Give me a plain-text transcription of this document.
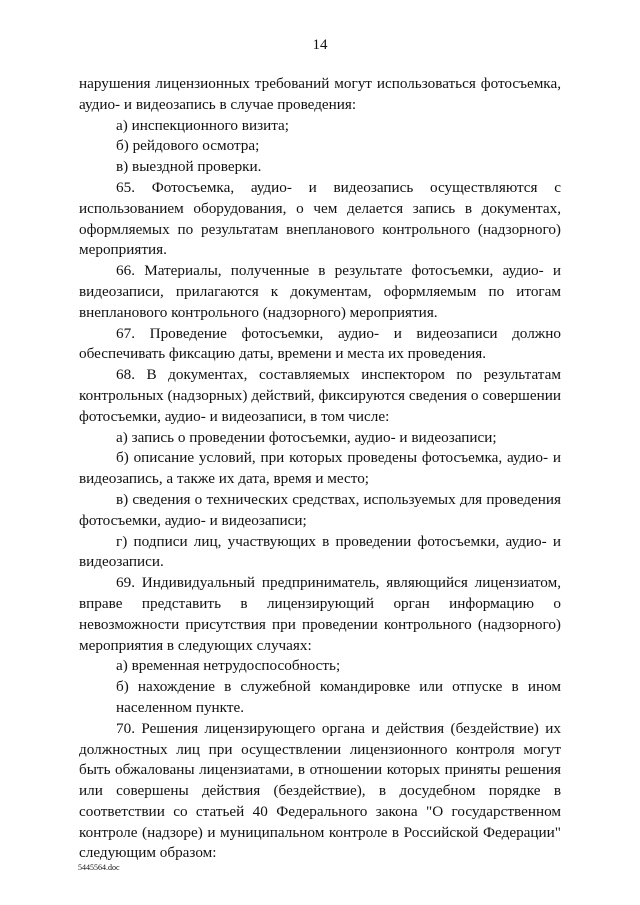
14

нарушения лицензионных требований могут использоваться фотосъемка, аудио- и видеозапись в случае проведения:

а) инспекционного визита;

б) рейдового осмотра;

в) выездной проверки.

65. Фотосъемка, аудио- и видеозапись осуществляются с использованием оборудования, о чем делается запись в документах, оформляемых по результатам внепланового контрольного (надзорного) мероприятия.

66. Материалы, полученные в результате фотосъемки, аудио- и видеозаписи, прилагаются к документам, оформляемым по итогам внепланового контрольного (надзорного) мероприятия.

67. Проведение фотосъемки, аудио- и видеозаписи должно обеспечивать фиксацию даты, времени и места их проведения.

68. В документах, составляемых инспектором по результатам контрольных (надзорных) действий, фиксируются сведения о совершении фотосъемки, аудио- и видеозаписи, в том числе:

а) запись о проведении фотосъемки, аудио- и видеозаписи;

б) описание условий, при которых проведены фотосъемка, аудио- и видеозапись, а также их дата, время и место;

в) сведения о технических средствах, используемых для проведения фотосъемки, аудио- и видеозаписи;

г) подписи лиц, участвующих в проведении фотосъемки, аудио- и видеозаписи.

69. Индивидуальный предприниматель, являющийся лицензиатом, вправе представить в лицензирующий орган информацию о невозможности присутствия при проведении контрольного (надзорного) мероприятия в следующих случаях:

а) временная нетрудоспособность;

б) нахождение в служебной командировке или отпуске в ином населенном пункте.

70. Решения лицензирующего органа и действия (бездействие) их должностных лиц при осуществлении лицензионного контроля могут быть обжалованы лицензиатами, в отношении которых приняты решения или совершены действия (бездействие), в досудебном порядке в соответствии со статьей 40 Федерального закона "О государственном контроле (надзоре) и муниципальном контроле в Российской Федерации" следующим образом:

5445564.doc
